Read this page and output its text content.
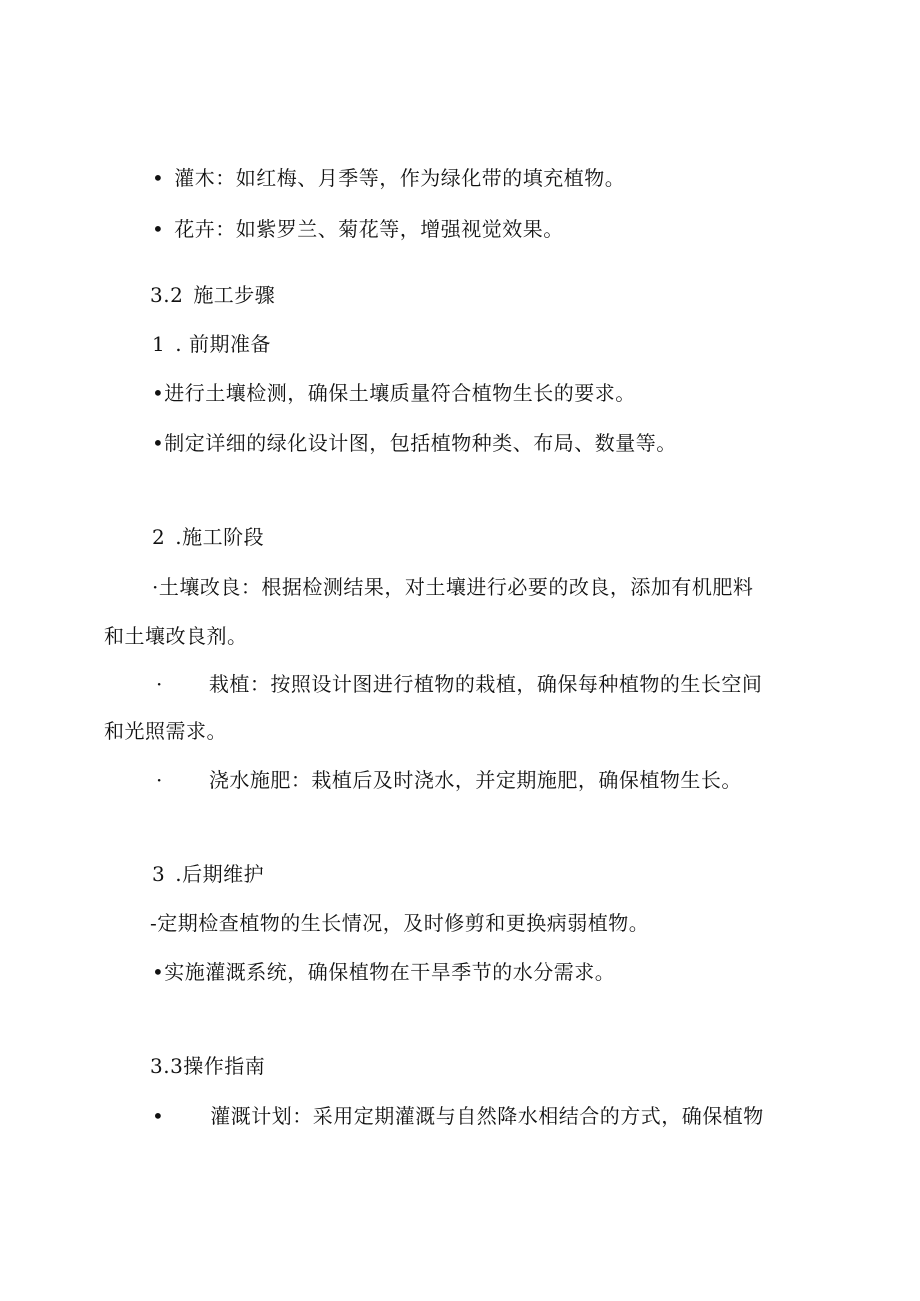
• 灌木：如红梅、月季等，作为绿化带的填充植物。
• 花卉：如紫罗兰、菊花等，增强视觉效果。
3.2 施工步骤
1 . 前期准备
•进行土壤检测，确保土壤质量符合植物生长的要求。
•制定详细的绿化设计图，包括植物种类、布局、数量等。
2 .施工阶段
·土壤改良：根据检测结果，对土壤进行必要的改良，添加有机肥料
和土壤改良剂。
· 栽植：按照设计图进行植物的栽植，确保每种植物的生长空间
和光照需求。
· 浇水施肥：栽植后及时浇水，并定期施肥，确保植物生长。
3 .后期维护
-定期检查植物的生长情况，及时修剪和更换病弱植物。
•实施灌溉系统，确保植物在干旱季节的水分需求。
3.3操作指南
• 灌溉计划：采用定期灌溉与自然降水相结合的方式，确保植物
